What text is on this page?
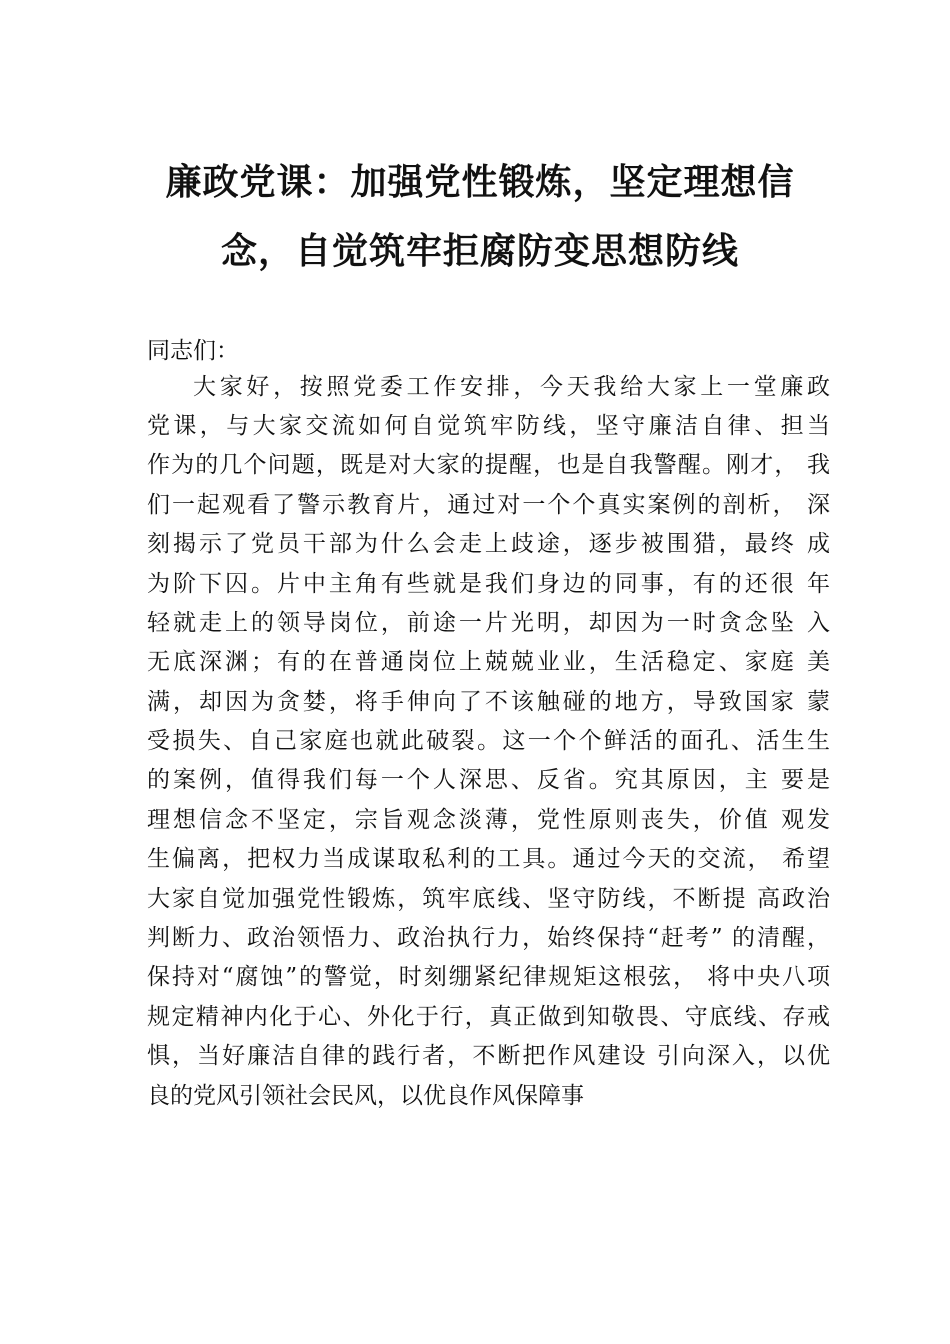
廉政党课：加强党性锻炼，坚定理想信
念，自觉筑牢拒腐防变思想防线
同志们：
大家好，按照党委工作安排，今天我给大家上一堂廉政
党课，与大家交流如何自觉筑牢防线，坚守廉洁自律、担当
作为的几个问题，既是对大家的提醒，也是自我警醒。刚才， 我
们一起观看了警示教育片，通过对一个个真实案例的剖析， 深
刻揭示了党员干部为什么会走上歧途，逐步被围猎，最终 成
为阶下囚。片中主角有些就是我们身边的同事，有的还很 年
轻就走上的领导岗位，前途一片光明，却因为一时贪念坠 入
无底深渊；有的在普通岗位上兢兢业业，生活稳定、家庭 美
满，却因为贪婪，将手伸向了不该触碰的地方，导致国家 蒙
受损失、自己家庭也就此破裂。这一个个鲜活的面孔、活生生
的案例，值得我们每一个人深思、反省。究其原因，主 要是
理想信念不坚定，宗旨观念淡薄，党性原则丧失，价值 观发
生偏离，把权力当成谋取私利的工具。通过今天的交流， 希望
大家自觉加强党性锻炼，筑牢底线、坚守防线，不断提 高政治
判断力、政治领悟力、政治执行力，始终保持“赶考” 的清醒，
保持对“腐蚀”的警觉，时刻绷紧纪律规矩这根弦， 将中央八项
规定精神内化于心、外化于行，真正做到知敬畏、守底线、存戒
惧，当好廉洁自律的践行者，不断把作风建设 引向深入，以优
良的党风引领社会民风，以优良作风保障事
